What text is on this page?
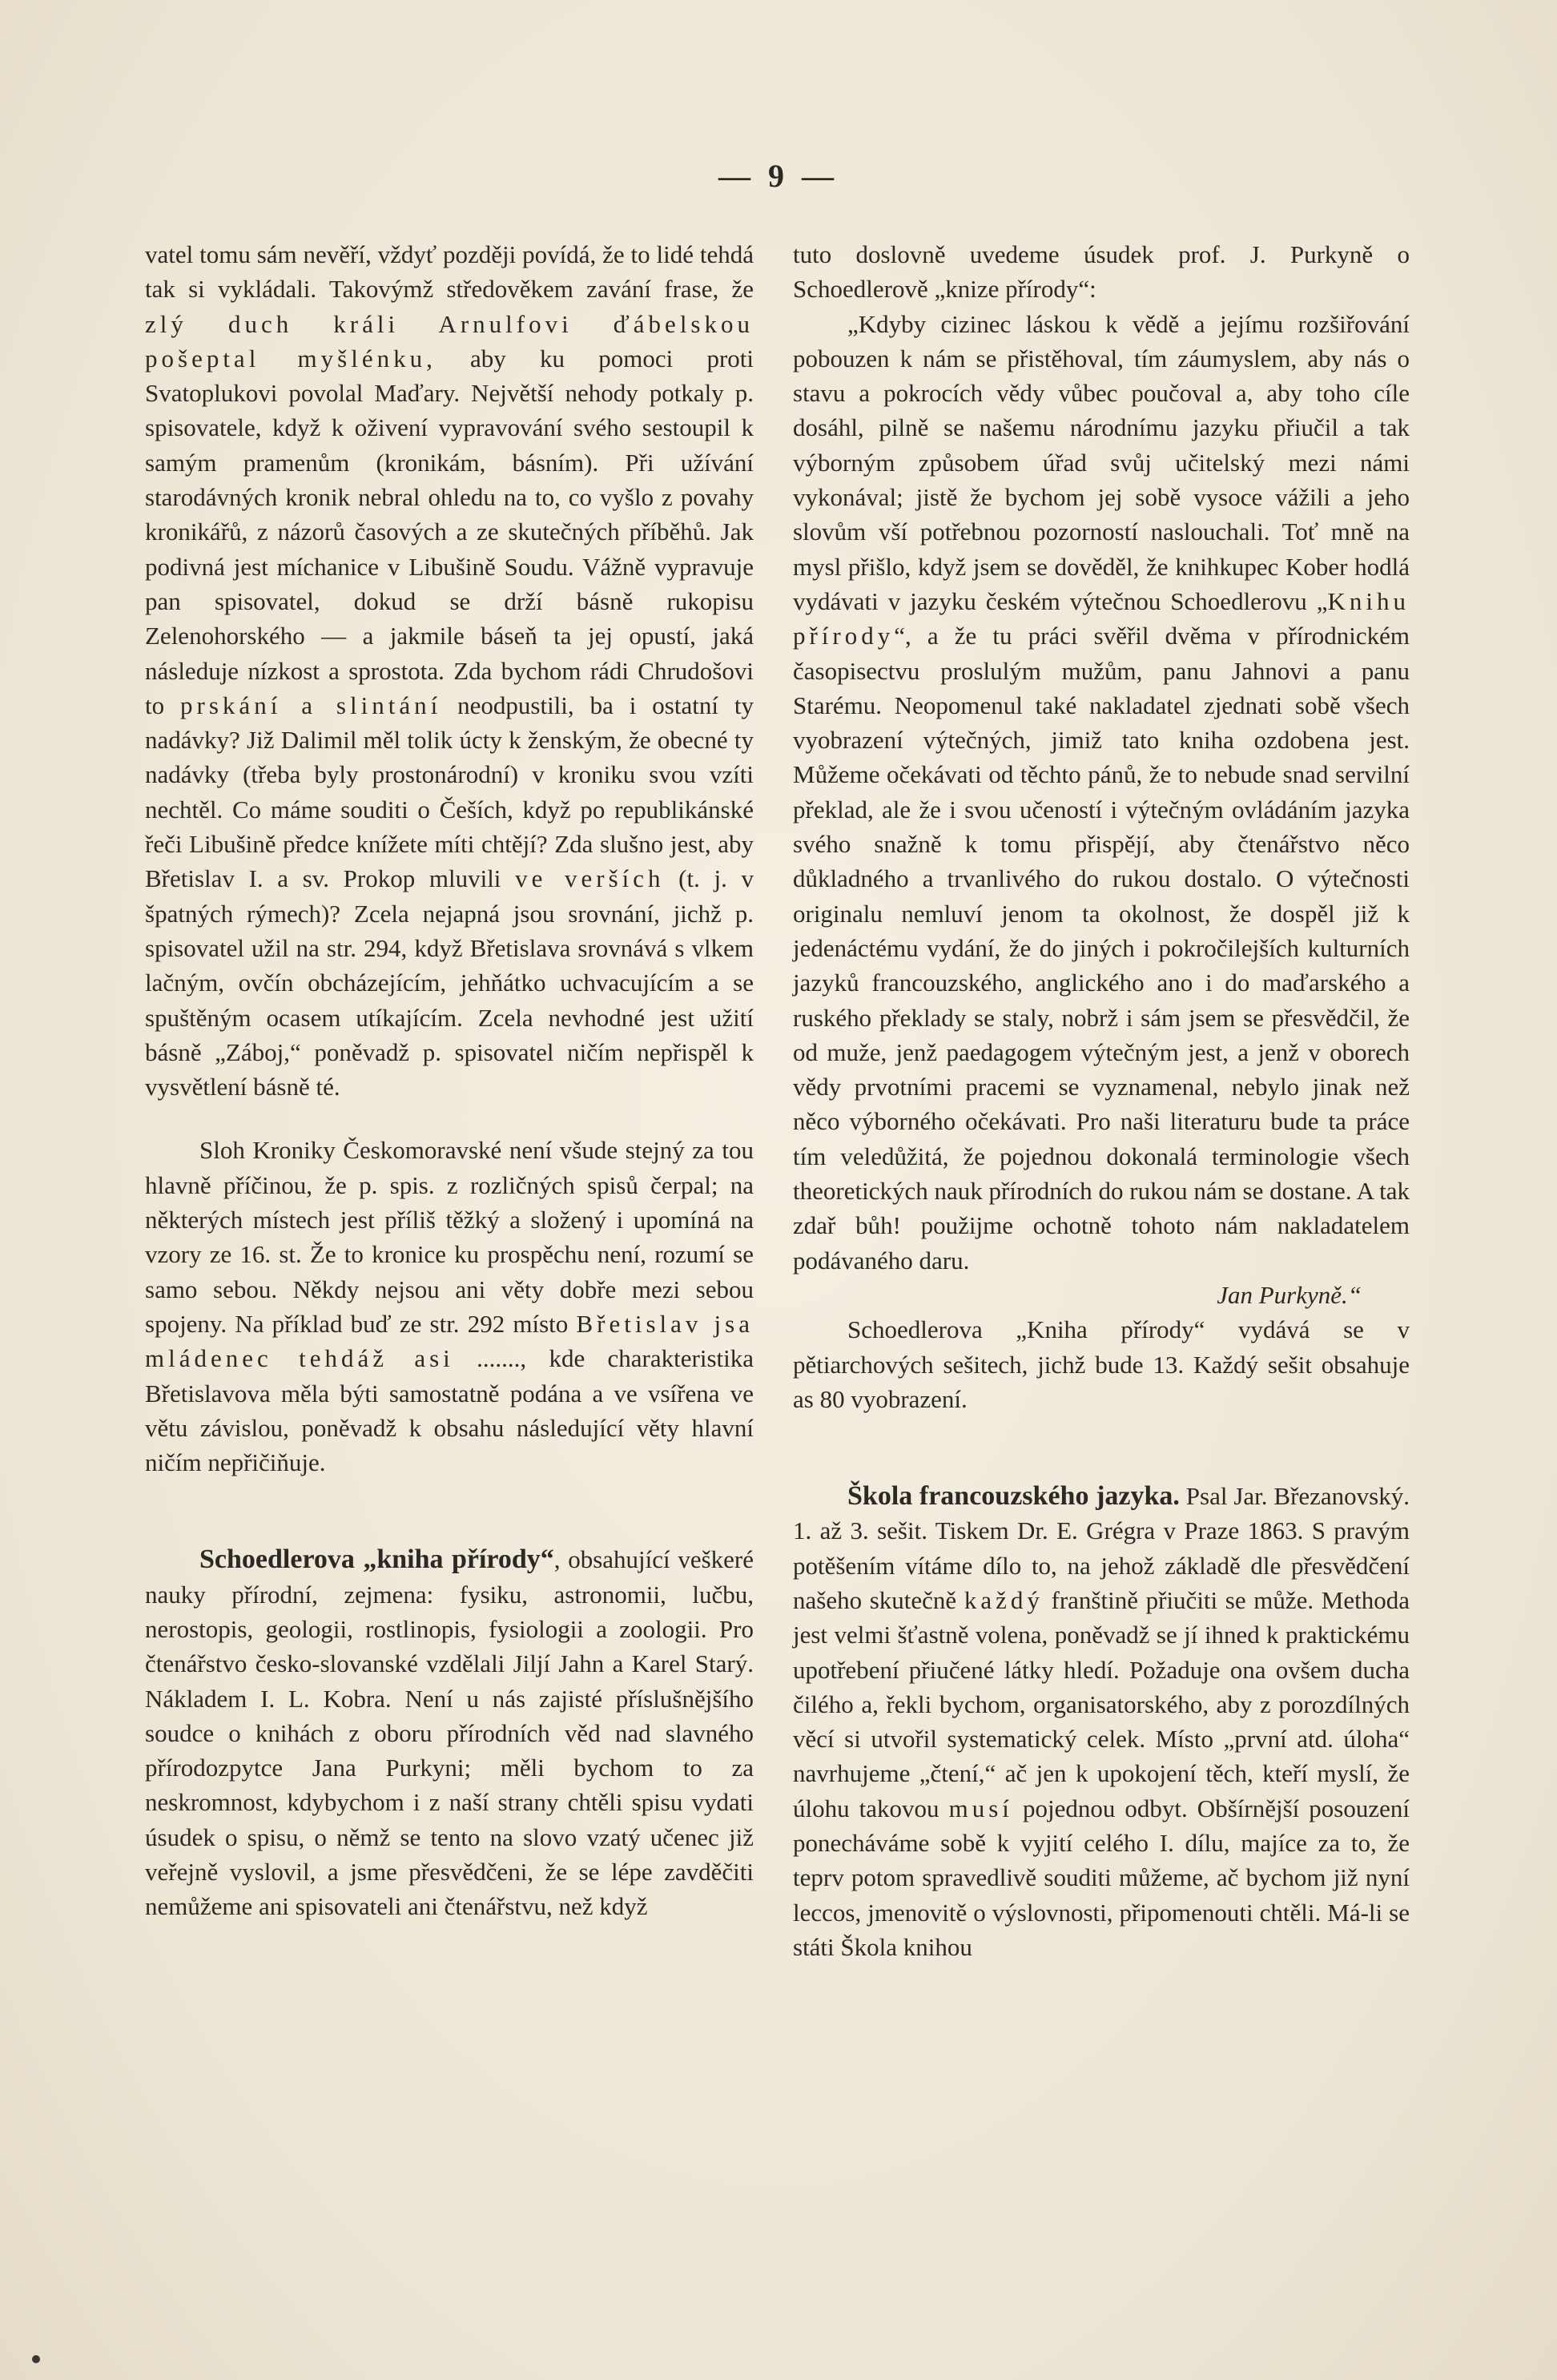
— 9 —

vatel tomu sám nevěří, vždyť později povídá, že to lidé tehdá tak si vykládali. Takovýmž středověkem zavání frase, že zlý duch králi Arnulfovi ďábelskou pošeptal myšlénku, aby ku pomoci proti Svatoplukovi povolal Maďary. Největší nehody potkaly p. spisovatele, když k oživení vypravování svého sestoupil k samým pramenům (kronikám, básním). Při užívání starodávných kronik nebral ohledu na to, co vyšlo z povahy kronikářů, z názorů časových a ze skutečných příběhů. Jak podivná jest míchanice v Libušině Soudu. Vážně vypravuje pan spisovatel, dokud se drží básně rukopisu Zelenohorského — a jakmile báseň ta jej opustí, jaká následuje nízkost a sprostota. Zda bychom rádi Chrudošovi to prskání a slintání neodpustili, ba i ostatní ty nadávky? Již Dalimil měl tolik úcty k ženským, že obecné ty nadávky (třeba byly prostonárodní) v kroniku svou vzíti nechtěl. Co máme souditi o Češích, když po republikánské řeči Libušině předce knížete míti chtějí? Zda slušno jest, aby Břetislav I. a sv. Prokop mluvili ve verších (t. j. v špatných rýmech)? Zcela nejapná jsou srovnání, jichž p. spisovatel užil na str. 294, když Břetislava srovnává s vlkem lačným, ovčín obcházejícím, jehňátko uchvacujícím a se spuštěným ocasem utíkajícím. Zcela nevhodné jest užití básně „Záboj,“ poněvadž p. spisovatel ničím nepřispěl k vysvětlení básně té.

Sloh Kroniky Českomoravské není všude stejný za tou hlavně příčinou, že p. spis. z rozličných spisů čerpal; na některých místech jest příliš těžký a složený i upomíná na vzory ze 16. st. Že to kronice ku prospěchu není, rozumí se samo sebou. Někdy nejsou ani věty dobře mezi sebou spojeny. Na příklad buď ze str. 292 místo Břetislav jsa mládenec tehdáž asi ......., kde charakteristika Břetislavova měla býti samostatně podána a ve vsířena ve větu závislou, poněvadž k obsahu následující věty hlavní ničím nepřičiňuje.

Schoedlerova „kniha přírody“, obsahující veškeré nauky přírodní, zejmena: fysiku, astronomii, lučbu, nerostopis, geologii, rostlinopis, fysiologii a zoologii. Pro čtenářstvo česko-slovanské vzdělali Jiljí Jahn a Karel Starý. Nákladem I. L. Kobra. Není u nás zajisté příslušnějšího soudce o knihách z oboru přírodních věd nad slavného přírodozpytce Jana Purkyni; měli bychom to za neskromnost, kdybychom i z naší strany chtěli spisu vydati úsudek o spisu, o němž se tento na slovo vzatý učenec již veřejně vyslovil, a jsme přesvědčeni, že se lépe zavděčiti nemůžeme ani spisovateli ani čtenářstvu, než když

tuto doslovně uvedeme úsudek prof. J. Purkyně o Schoedlerově „knize přírody“:

„Kdyby cizinec láskou k vědě a jejímu rozšiřování pobouzen k nám se přistěhoval, tím záumyslem, aby nás o stavu a pokrocích vědy vůbec poučoval a, aby toho cíle dosáhl, pilně se našemu národnímu jazyku přiučil a tak výborným způsobem úřad svůj učitelský mezi námi vykonával; jistě že bychom jej sobě vysoce vážili a jeho slovům vší potřebnou pozorností naslouchali. Toť mně na mysl přišlo, když jsem se dověděl, že knihkupec Kober hodlá vydávati v jazyku českém výtečnou Schoedlerovu „Knihu přírody“, a že tu práci svěřil dvěma v přírodnickém časopisectvu proslulým mužům, panu Jahnovi a panu Starému. Neopomenul také nakladatel zjednati sobě všech vyobrazení výtečných, jimiž tato kniha ozdobena jest. Můžeme očekávati od těchto pánů, že to nebude snad servilní překlad, ale že i svou učeností i výtečným ovládáním jazyka svého snažně k tomu přispějí, aby čtenářstvo něco důkladného a trvanlivého do rukou dostalo. O výtečnosti originalu nemluví jenom ta okolnost, že dospěl již k jedenáctému vydání, že do jiných i pokročilejších kulturních jazyků francouzského, anglického ano i do maďarského a ruského překlady se staly, nobrž i sám jsem se přesvědčil, že od muže, jenž paedagogem výtečným jest, a jenž v oborech vědy prvotními pracemi se vyznamenal, nebylo jinak než něco výborného očekávati. Pro naši literaturu bude ta práce tím veledůžitá, že pojednou dokonalá terminologie všech theoretických nauk přírodních do rukou nám se dostane. A tak zdař bůh! použijme ochotně tohoto nám nakladatelem podávaného daru.

Jan Purkyně.“

Schoedlerova „Kniha přírody“ vydává se v pětiarchových sešitech, jichž bude 13. Každý sešit obsahuje as 80 vyobrazení.

Škola francouzského jazyka. Psal Jar. Březanovský. 1. až 3. sešit. Tiskem Dr. E. Grégra v Praze 1863. S pravým potěšením vítáme dílo to, na jehož základě dle přesvědčení našeho skutečně každý franštině přiučiti se může. Methoda jest velmi šťastně volena, poněvadž se jí ihned k praktickému upotřebení přiučené látky hledí. Požaduje ona ovšem ducha čilého a, řekli bychom, organisatorského, aby z porozdílných věcí si utvořil systematický celek. Místo „první atd. úloha“ navrhujeme „čtení,“ ač jen k upokojení těch, kteří myslí, že úlohu takovou musí pojednou odbyt. Obšírnější posouzení ponecháváme sobě k vyjití celého I. dílu, majíce za to, že teprv potom spravedlivě souditi můžeme, ač bychom již nyní leccos, jmenovitě o výslovnosti, připomenouti chtěli. Má-li se státi Škola knihou
